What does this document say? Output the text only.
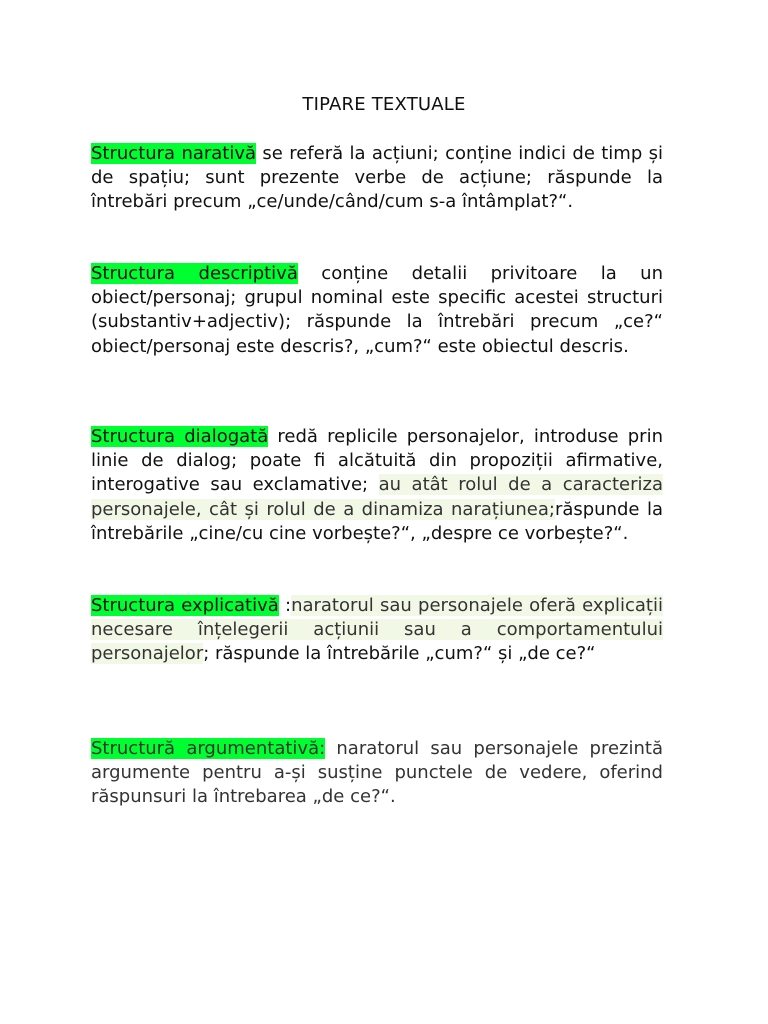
TIPARE TEXTUALE

Structura narativă se referă la acțiuni; conține indici de timp și de spațiu; sunt prezente verbe de acțiune; răspunde la întrebări precum „ce/unde/când/cum s-a întâmplat?“.

Structura descriptivă conține detalii privitoare la un obiect/personaj; grupul nominal este specific acestei structuri (substantiv+adjectiv); răspunde la întrebări precum „ce?“ obiect/personaj este descris?, „cum?“ este obiectul descris.

Structura dialogată redă replicile personajelor, introduse prin linie de dialog; poate fi alcătuită din propoziții afirmative, interogative sau exclamative; au atât rolul de a caracteriza personajele, cât și rolul de a dinamiza narațiunea;răspunde la întrebările „cine/cu cine vorbește?“, „despre ce vorbește?“.

Structura explicativă :naratorul sau personajele oferă explicații necesare înțelegerii acțiunii sau a comportamentului personajelor; răspunde la întrebările „cum?“ și „de ce?“

Structură argumentativă: naratorul sau personajele prezintă argumente pentru a-și susține punctele de vedere, oferind răspunsuri la întrebarea „de ce?“.
